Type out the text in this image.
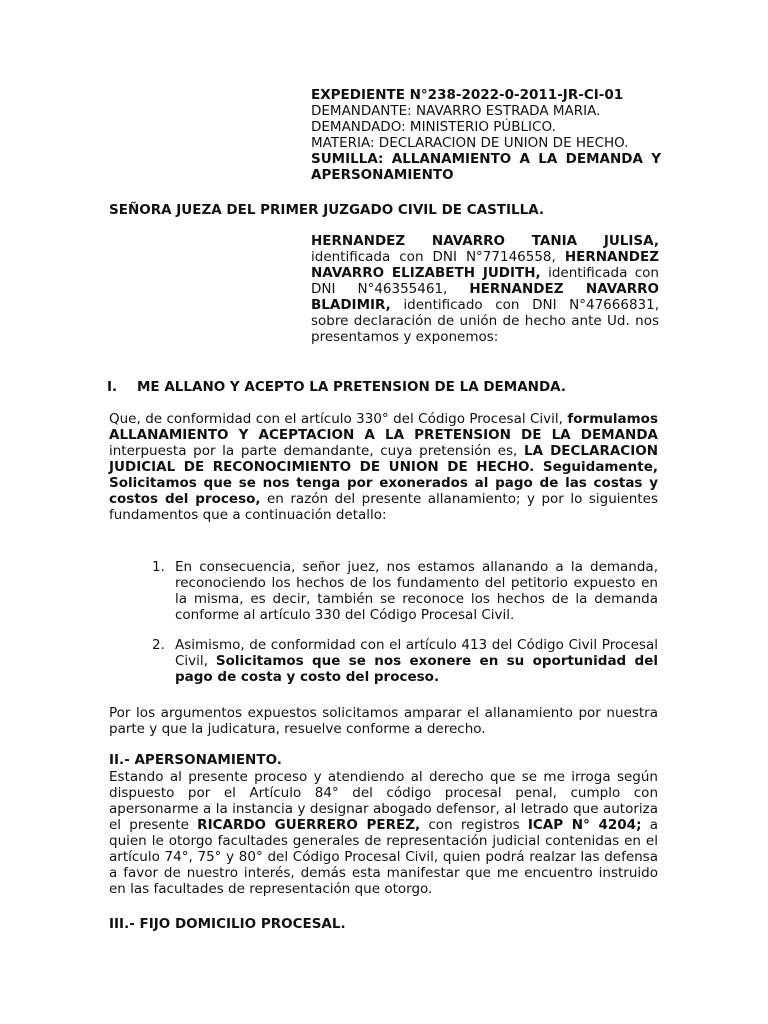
EXPEDIENTE N°238-2022-0-2011-JR-CI-01
DEMANDANTE: NAVARRO ESTRADA MARIA.
DEMANDADO: MINISTERIO PÚBLICO.
MATERIA: DECLARACION DE UNION DE HECHO.
SUMILLA: ALLANAMIENTO A LA DEMANDA Y APERSONAMIENTO
SEÑORA JUEZA DEL PRIMER JUZGADO CIVIL DE CASTILLA.

HERNANDEZ NAVARRO TANIA JULISA, identificada con DNI N°77146558, HERNANDEZ NAVARRO ELIZABETH JUDITH, identificada con DNI N°46355461, HERNANDEZ NAVARRO BLADIMIR, identificado con DNI N°47666831, sobre declaración de unión de hecho ante Ud. nos presentamos y exponemos:

I. ME ALLANO Y ACEPTO LA PRETENSION DE LA DEMANDA.

Que, de conformidad con el artículo 330° del Código Procesal Civil, formulamos ALLANAMIENTO Y ACEPTACION A LA PRETENSION DE LA DEMANDA interpuesta por la parte demandante, cuya pretensión es, LA DECLARACION JUDICIAL DE RECONOCIMIENTO DE UNION DE HECHO. Seguidamente, Solicitamos que se nos tenga por exonerados al pago de las costas y costos del proceso, en razón del presente allanamiento; y por lo siguientes fundamentos que a continuación detallo:

1. En consecuencia, señor juez, nos estamos allanando a la demanda, reconociendo los hechos de los fundamento del petitorio expuesto en la misma, es decir, también se reconoce los hechos de la demanda conforme al artículo 330 del Código Procesal Civil.

2. Asimismo, de conformidad con el artículo 413 del Código Civil Procesal Civil, Solicitamos que se nos exonere en su oportunidad del pago de costa y costo del proceso.

Por los argumentos expuestos solicitamos amparar el allanamiento por nuestra parte y que la judicatura, resuelve conforme a derecho.

II.- APERSONAMIENTO.

Estando al presente proceso y atendiendo al derecho que se me irroga según dispuesto por el Artículo 84° del código procesal penal, cumplo con apersonarme a la instancia y designar abogado defensor, al letrado que autoriza el presente RICARDO GUERRERO PEREZ, con registros ICAP N° 4204; a quien le otorgo facultades generales de representación judicial contenidas en el artículo 74°, 75° y 80° del Código Procesal Civil, quien podrá realzar las defensa a favor de nuestro interés, demás esta manifestar que me encuentro instruido en las facultades de representación que otorgo.

III.- FIJO DOMICILIO PROCESAL.
